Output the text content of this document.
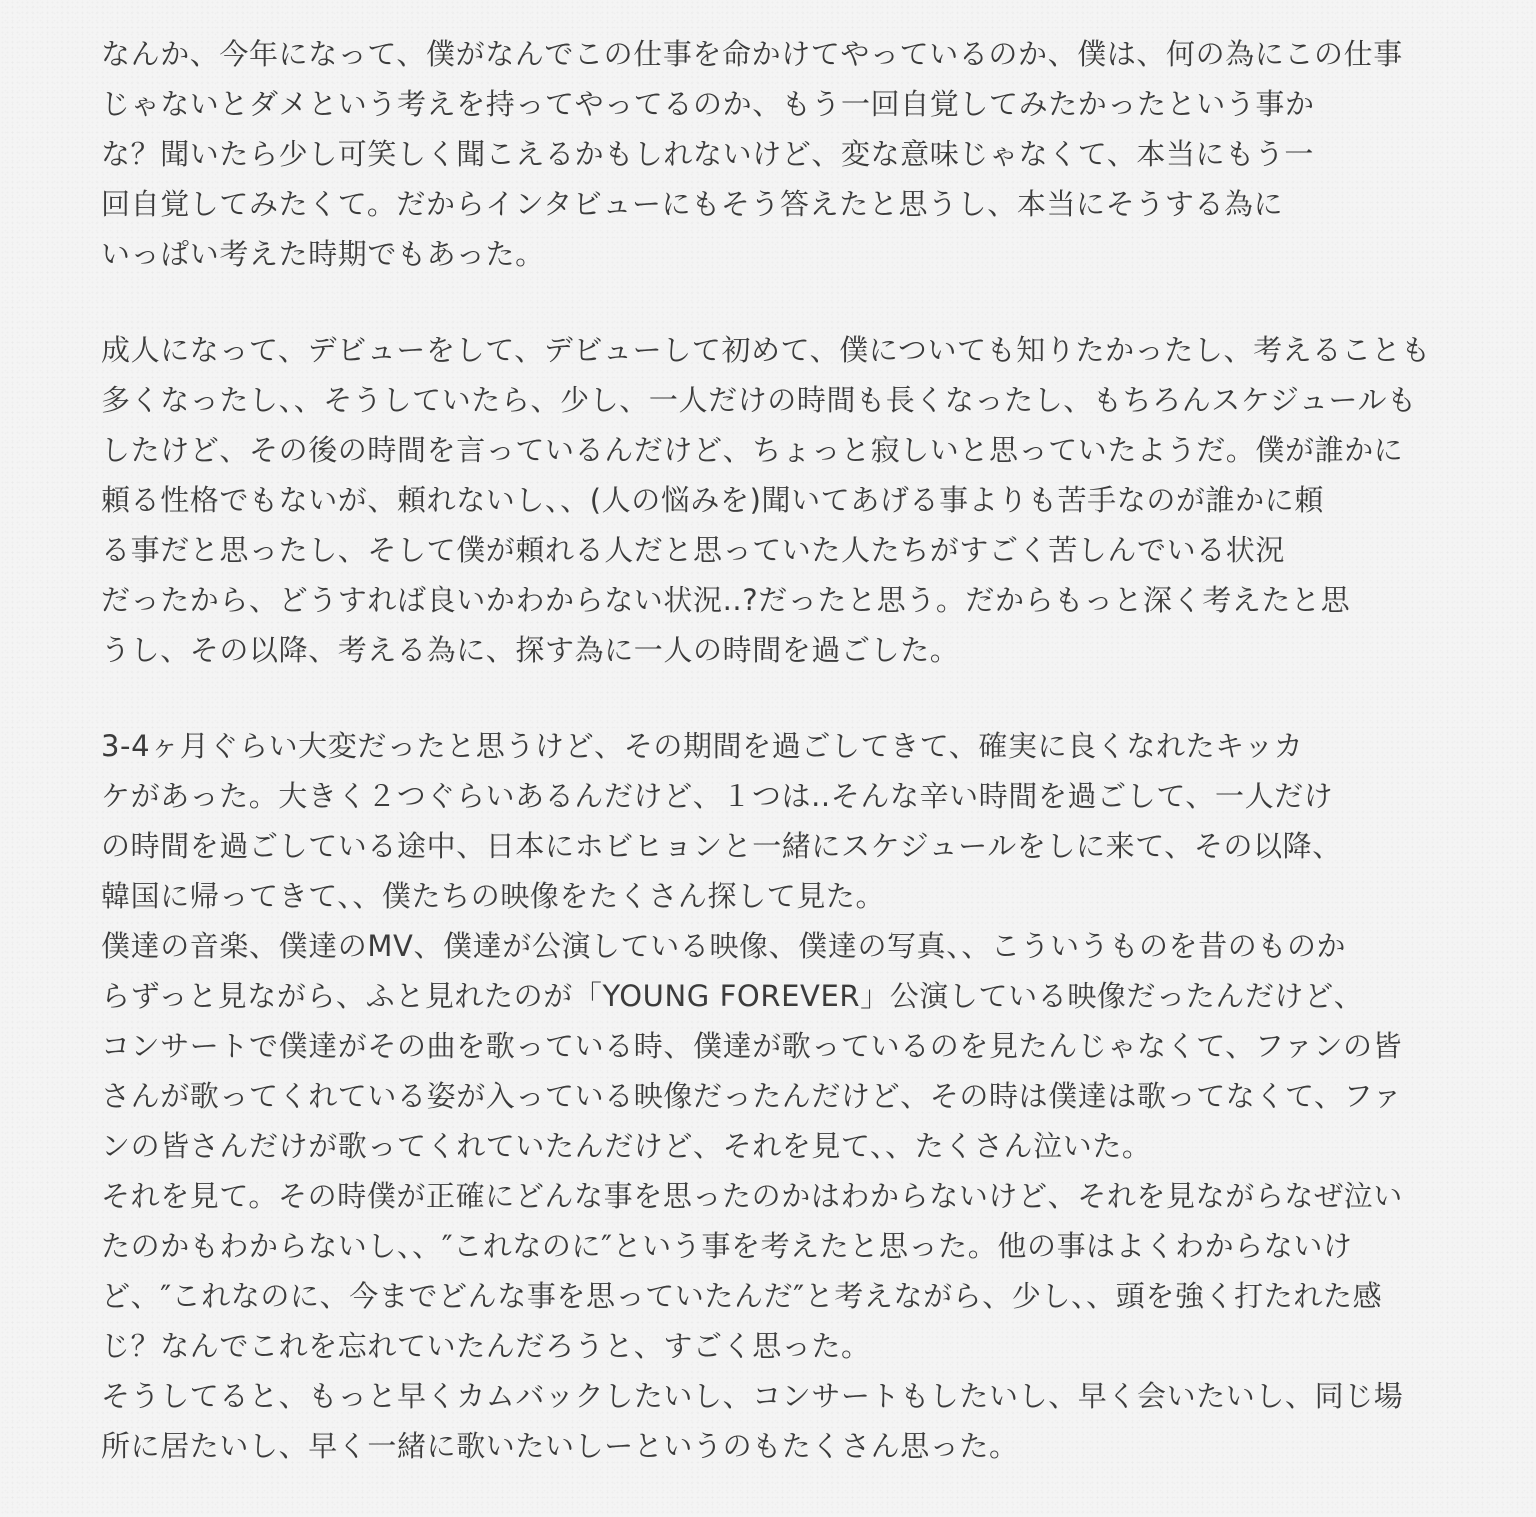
なんか、今年になって、僕がなんでこの仕事を命かけてやっているのか、僕は、何の為にこの仕事
じゃないとダメという考えを持ってやってるのか、もう一回自覚してみたかったという事か
な？聞いたら少し可笑しく聞こえるかもしれないけど、変な意味じゃなくて、本当にもう一
回自覚してみたくて。だからインタビューにもそう答えたと思うし、本当にそうする為に
いっぱい考えた時期でもあった。
成人になって、デビューをして、デビューして初めて、僕についても知りたかったし、考えることも
多くなったし、、そうしていたら、少し、一人だけの時間も長くなったし、もちろんスケジュールも
したけど、その後の時間を言っているんだけど、ちょっと寂しいと思っていたようだ。僕が誰かに
頼る性格でもないが、頼れないし、、(人の悩みを)聞いてあげる事よりも苦手なのが誰かに頼
る事だと思ったし、そして僕が頼れる人だと思っていた人たちがすごく苦しんでいる状況
だったから、どうすれば良いかわからない状況..?だったと思う。だからもっと深く考えたと思
うし、その以降、考える為に、探す為に一人の時間を過ごした。
3-4ヶ月ぐらい大変だったと思うけど、その期間を過ごしてきて、確実に良くなれたキッカ
ケがあった。大きく２つぐらいあるんだけど、１つは..そんな辛い時間を過ごして、一人だけ
の時間を過ごしている途中、日本にホビヒョンと一緒にスケジュールをしに来て、その以降、
韓国に帰ってきて、、僕たちの映像をたくさん探して見た。
僕達の音楽、僕達のMV、僕達が公演している映像、僕達の写真、、こういうものを昔のものか
らずっと見ながら、ふと見れたのが「YOUNG FOREVER」公演している映像だったんだけど、
コンサートで僕達がその曲を歌っている時、僕達が歌っているのを見たんじゃなくて、ファンの皆
さんが歌ってくれている姿が入っている映像だったんだけど、その時は僕達は歌ってなくて、ファ
ンの皆さんだけが歌ってくれていたんだけど、それを見て、、たくさん泣いた。
それを見て。その時僕が正確にどんな事を思ったのかはわからないけど、それを見ながらなぜ泣い
たのかもわからないし、、″これなのに″という事を考えたと思った。他の事はよくわからないけ
ど、″これなのに、今までどんな事を思っていたんだ″と考えながら、少し、、頭を強く打たれた感
じ？なんでこれを忘れていたんだろうと、すごく思った。
そうしてると、もっと早くカムバックしたいし、コンサートもしたいし、早く会いたいし、同じ場
所に居たいし、早く一緒に歌いたいしーというのもたくさん思った。
